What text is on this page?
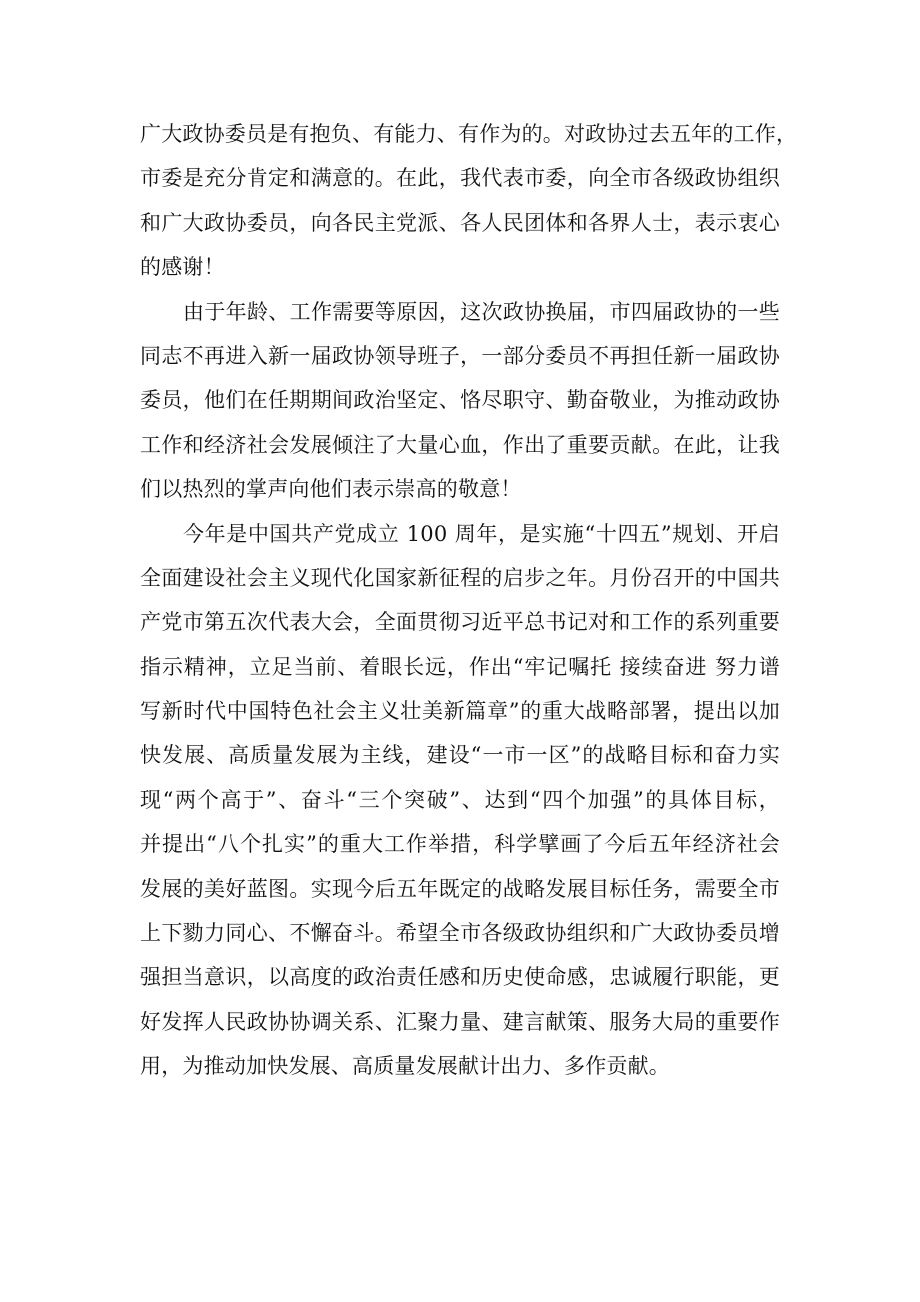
广大政协委员是有抱负、有能力、有作为的。对政协过去五年的工作，
市委是充分肯定和满意的。在此，我代表市委，向全市各级政协组织
和广大政协委员，向各民主党派、各人民团体和各界人士，表示衷心
的感谢！
由于年龄、工作需要等原因，这次政协换届，市四届政协的一些
同志不再进入新一届政协领导班子，一部分委员不再担任新一届政协
委员，他们在任期期间政治坚定、恪尽职守、勤奋敬业，为推动政协
工作和经济社会发展倾注了大量心血，作出了重要贡献。在此，让我
们以热烈的掌声向他们表示崇高的敬意！
今年是中国共产党成立 100 周年，是实施“十四五”规划、开启
全面建设社会主义现代化国家新征程的启步之年。月份召开的中国共
产党市第五次代表大会，全面贯彻习近平总书记对和工作的系列重要
指示精神，立足当前、着眼长远，作出“牢记嘱托 接续奋进 努力谱
写新时代中国特色社会主义壮美新篇章”的重大战略部署，提出以加
快发展、高质量发展为主线，建设“一市一区”的战略目标和奋力实
现“两个高于”、奋斗“三个突破”、达到“四个加强”的具体目标，
并提出“八个扎实”的重大工作举措，科学擘画了今后五年经济社会
发展的美好蓝图。实现今后五年既定的战略发展目标任务，需要全市
上下勠力同心、不懈奋斗。希望全市各级政协组织和广大政协委员增
强担当意识，以高度的政治责任感和历史使命感，忠诚履行职能，更
好发挥人民政协协调关系、汇聚力量、建言献策、服务大局的重要作
用，为推动加快发展、高质量发展献计出力、多作贡献。
